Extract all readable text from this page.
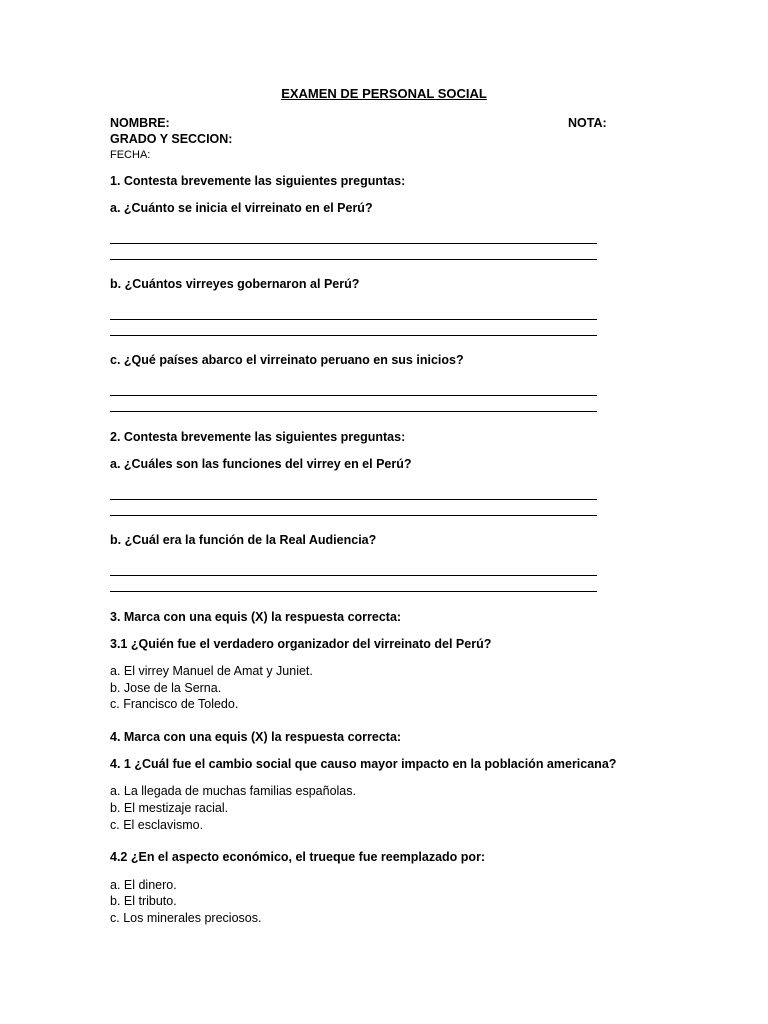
EXAMEN DE PERSONAL SOCIAL
NOMBRE:	NOTA:
GRADO Y SECCION:
FECHA:
1. Contesta brevemente las siguientes preguntas:
a. ¿Cuánto se inicia el virreinato en el Perú?
b. ¿Cuántos virreyes gobernaron al Perú?
c. ¿Qué países abarco el virreinato peruano en sus inicios?
2. Contesta brevemente las siguientes preguntas:
a. ¿Cuáles son las funciones del virrey en el Perú?
b. ¿Cuál era la función de la Real Audiencia?
3. Marca con una equis (X) la respuesta correcta:
3.1 ¿Quién fue el verdadero organizador del virreinato del Perú?
a. El virrey Manuel de Amat y Juniet.
b. Jose de la Serna.
c. Francisco de Toledo.
4. Marca con una equis (X) la respuesta correcta:
4. 1 ¿Cuál fue el cambio social que causo mayor impacto en la población americana?
a. La llegada de muchas familias españolas.
b. El mestizaje racial.
c. El esclavismo.
4.2 ¿En el aspecto económico, el trueque fue reemplazado por:
a. El dinero.
b. El tributo.
c. Los minerales preciosos.
